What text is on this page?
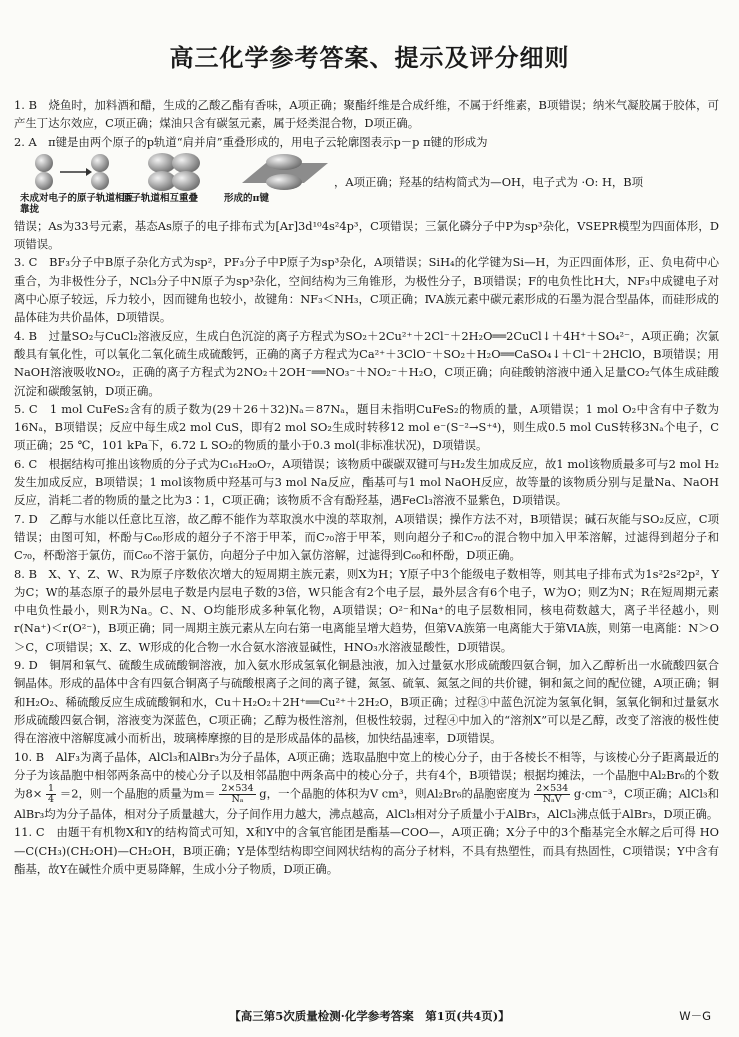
高三化学参考答案、提示及评分细则

1. B　烧鱼时，加料酒和醋，生成的乙酸乙酯有香味，A项正确；聚酯纤维是合成纤维，不属于纤维素，B项错误；纳米气凝胶属于胶体，可产生丁达尔效应，C项正确；煤油只含有碳氢元素，属于烃类混合物，D项正确。

2. A　π键是由两个原子的p轨道“肩并肩”重叠形成的，用电子云轮廓图表示p－p π键的形成为

未成对电子的原子轨道相互靠拢
原子轨道相互重叠	形成的π键
，A项正确；羟基的结构简式为—OH，电子式为 ·O: H，B项

错误；As为33号元素，基态As原子的电子排布式为[Ar]3d¹⁰4s²4p³，C项错误；三氯化磷分子中P为sp³杂化，VSEPR模型为四面体形，D项错误。

3. C　BF₃分子中B原子杂化方式为sp²，PF₃分子中P原子为sp³杂化，A项错误；SiH₄的化学键为Si—H，为正四面体形，正、负电荷中心重合，为非极性分子，NCl₃分子中N原子为sp³杂化，空间结构为三角锥形，为极性分子，B项错误；F的电负性比H大，NF₃中成键电子对离中心原子较远，斥力较小，因而键角也较小，故键角：NF₃＜NH₃，C项正确；ⅣA族元素中碳元素形成的石墨为混合型晶体，而硅形成的晶体硅为共价晶体，D项错误。

4. B　过量SO₂与CuCl₂溶液反应，生成白色沉淀的离子方程式为SO₂＋2Cu²⁺＋2Cl⁻＋2H₂O══2CuCl↓＋4H⁺＋SO₄²⁻，A项正确；次氯酸具有氧化性，可以氧化二氧化硫生成硫酸钙，正确的离子方程式为Ca²⁺＋3ClO⁻＋SO₂＋H₂O══CaSO₄↓＋Cl⁻＋2HClO，B项错误；用NaOH溶液吸收NO₂，正确的离子方程式为2NO₂＋2OH⁻══NO₃⁻＋NO₂⁻＋H₂O，C项正确；向硅酸钠溶液中通入足量CO₂气体生成硅酸沉淀和碳酸氢钠，D项正确。

5. C　1 mol CuFeS₂含有的质子数为(29＋26＋32)Nₐ＝87Nₐ，题目未指明CuFeS₂的物质的量，A项错误；1 mol O₂中含有中子数为16Nₐ，B项错误；反应中每生成2 mol CuS，即有2 mol SO₂生成时转移12 mol e⁻(S⁻²→S⁺⁴)，则生成0.5 mol CuS转移3Nₐ个电子，C项正确；25 ℃，101 kPa下，6.72 L SO₂的物质的量小于0.3 mol(非标准状况)，D项错误。

6. C　根据结构可推出该物质的分子式为C₁₆H₂₀O₇，A项错误；该物质中碳碳双键可与H₂发生加成反应，故1 mol该物质最多可与2 mol H₂发生加成反应，B项错误；1 mol该物质中羟基可与3 mol Na反应，酯基可与1 mol NaOH反应，故等量的该物质分别与足量Na、NaOH反应，消耗二者的物质的量之比为3∶1，C项正确；该物质不含有酚羟基，遇FeCl₃溶液不显紫色，D项错误。

7. D　乙醇与水能以任意比互溶，故乙醇不能作为萃取溴水中溴的萃取剂，A项错误；操作方法不对，B项错误；碱石灰能与SO₂反应，C项错误；由图可知，杯酚与C₆₀形成的超分子不溶于甲苯，而C₇₀溶于甲苯，则向超分子和C₇₀的混合物中加入甲苯溶解，过滤得到超分子和C₇₀，杯酚溶于氯仿，而C₆₀不溶于氯仿，向超分子中加入氯仿溶解，过滤得到C₆₀和杯酚，D项正确。

8. B　X、Y、Z、W、R为原子序数依次增大的短周期主族元素，则X为H；Y原子中3个能级电子数相等，则其电子排布式为1s²2s²2p²，Y为C；W的基态原子的最外层电子数是内层电子数的3倍，W只能含有2个电子层，最外层含有6个电子，W为O；则Z为N；R在短周期元素中电负性最小，则R为Na。C、N、O均能形成多种氧化物，A项错误；O²⁻和Na⁺的电子层数相同，核电荷数越大，离子半径越小，则r(Na⁺)＜r(O²⁻)，B项正确；同一周期主族元素从左向右第一电离能呈增大趋势，但第ⅤA族第一电离能大于第ⅥA族，则第一电离能：N＞O＞C，C项错误；X、Z、W形成的化合物一水合氨水溶液显碱性，HNO₃水溶液显酸性，D项错误。

9. D　铜屑和氧气、硫酸生成硫酸铜溶液，加入氨水形成氢氧化铜悬浊液，加入过量氨水形成硫酸四氨合铜，加入乙醇析出一水硫酸四氨合铜晶体。形成的晶体中含有四氨合铜离子与硫酸根离子之间的离子键，氮氢、硫氧、氮氢之间的共价键，铜和氮之间的配位键，A项正确；铜和H₂O₂、稀硫酸反应生成硫酸铜和水，Cu＋H₂O₂＋2H⁺══Cu²⁺＋2H₂O，B项正确；过程③中蓝色沉淀为氢氧化铜，氢氧化铜和过量氨水形成硫酸四氨合铜，溶液变为深蓝色，C项正确；乙醇为极性溶剂，但极性较弱，过程④中加入的“溶剂X”可以是乙醇，改变了溶液的极性使得在溶液中溶解度减小而析出，玻璃棒摩擦的目的是形成晶体的晶核，加快结晶速率，D项错误。

10. B　AlF₃为离子晶体，AlCl₃和AlBr₃为分子晶体，A项正确；选取晶胞中宽上的棱心分子，由于各棱长不相等，与该棱心分子距离最近的分子为该晶胞中相邻两条高中的棱心分子以及相邻晶胞中两条高中的棱心分子，共有4个，B项错误；根据均摊法，一个晶胞中Al₂Br₆的个数为$8\times \frac{1}{4} =2$，则一个晶胞的质量为$m= \frac{2\times 534}{\text{Nₐ}}$ g，一个晶胞的体积为V cm³，则Al₂Br₆的晶胞密度为 $\frac{2\times 534}{\text{NₐV}} g\cdot cm^{-3}$，C项正确；AlCl₃和AlBr₃均为分子晶体，相对分子质量越大，分子间作用力越大，沸点越高，AlCl₃相对分子质量小于AlBr₃，AlCl₃沸点低于AlBr₃，D项正确。

11. C　由题干有机物X和Y的结构简式可知，X和Y中的含氧官能团是酯基—COO—，A项正确；X分子中的3个酯基完全水解之后可得 HO—C(CH₃)(CH₂OH)—CH₂OH，B项正确；Y是体型结构即空间网状结构的高分子材料，不具有热塑性，而具有热固性，C项错误；Y中含有酯基，故Y在碱性介质中更易降解，生成小分子物质，D项正确。

【高三第5次质量检测·化学参考答案　第1页(共4页)】	W－G
